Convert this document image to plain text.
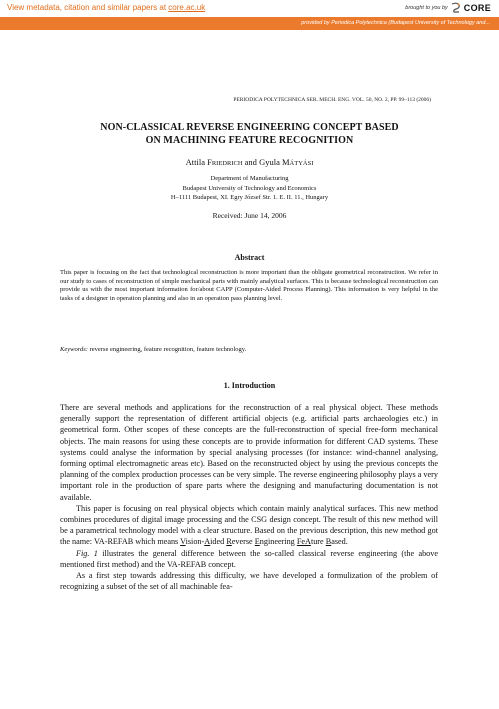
View metadata, citation and similar papers at core.ac.uk	brought to you by CORE
provided by Periodica Polytechnica (Budapest University of Technology and...
PERIODICA POLYTECHNICA SER. MECH. ENG. VOL. 50, NO. 2, PP. 99–113 (2006)
NON-CLASSICAL REVERSE ENGINEERING CONCEPT BASED
ON MACHINING FEATURE RECOGNITION
Attila FRIEDRICH and Gyula MÁTYÁSI
Department of Manufacturing
Budapest University of Technology and Economics
H–1111 Budapest, XI. Egry József Str. 1. E. II. 11., Hungary
Received: June 14, 2006
Abstract
This paper is focusing on the fact that technological reconstruction is more important than the obligate geometrical reconstruction. We refer in our study to cases of reconstruction of simple mechanical parts with mainly analytical surfaces. This is because technological reconstruction can provide us with the most important information for/about CAPP (Computer-Aided Process Planning). This information is very helpful in the tasks of a designer in operation planning and also in an operation pass planning level.
Keywords: reverse engineering, feature recognition, feature technology.
1. Introduction

There are several methods and applications for the reconstruction of a real physical object. These methods generally support the representation of different artificial objects (e.g. artificial parts archaeologies etc.) in geometrical form. Other scopes of these concepts are the full-reconstruction of special free-form mechanical objects. The main reasons for using these concepts are to provide information for different CAD systems. These systems could analyse the information by special analysing processes (for instance: wind-channel analysing, forming optimal electromagnetic areas etc). Based on the reconstructed object by using the previous concepts the planning of the complex production processes can be very simple. The reverse engineering philosophy plays a very important role in the production of spare parts where the designing and manufacturing documentation is not available.

This paper is focusing on real physical objects which contain mainly analytical surfaces. This new method combines procedures of digital image processing and the CSG design concept. The result of this new method will be a parametrical technology model with a clear structure. Based on the previous description, this new method got the name: VA-REFAB which means Vision-Aided Reverse Engineering FeAture Based.

Fig. 1 illustrates the general difference between the so-called classical reverse engineering (the above mentioned first method) and the VA-REFAB concept.

As a first step towards addressing this difficulty, we have developed a formulization of the problem of recognizing a subset of the set of all machinable fea-
